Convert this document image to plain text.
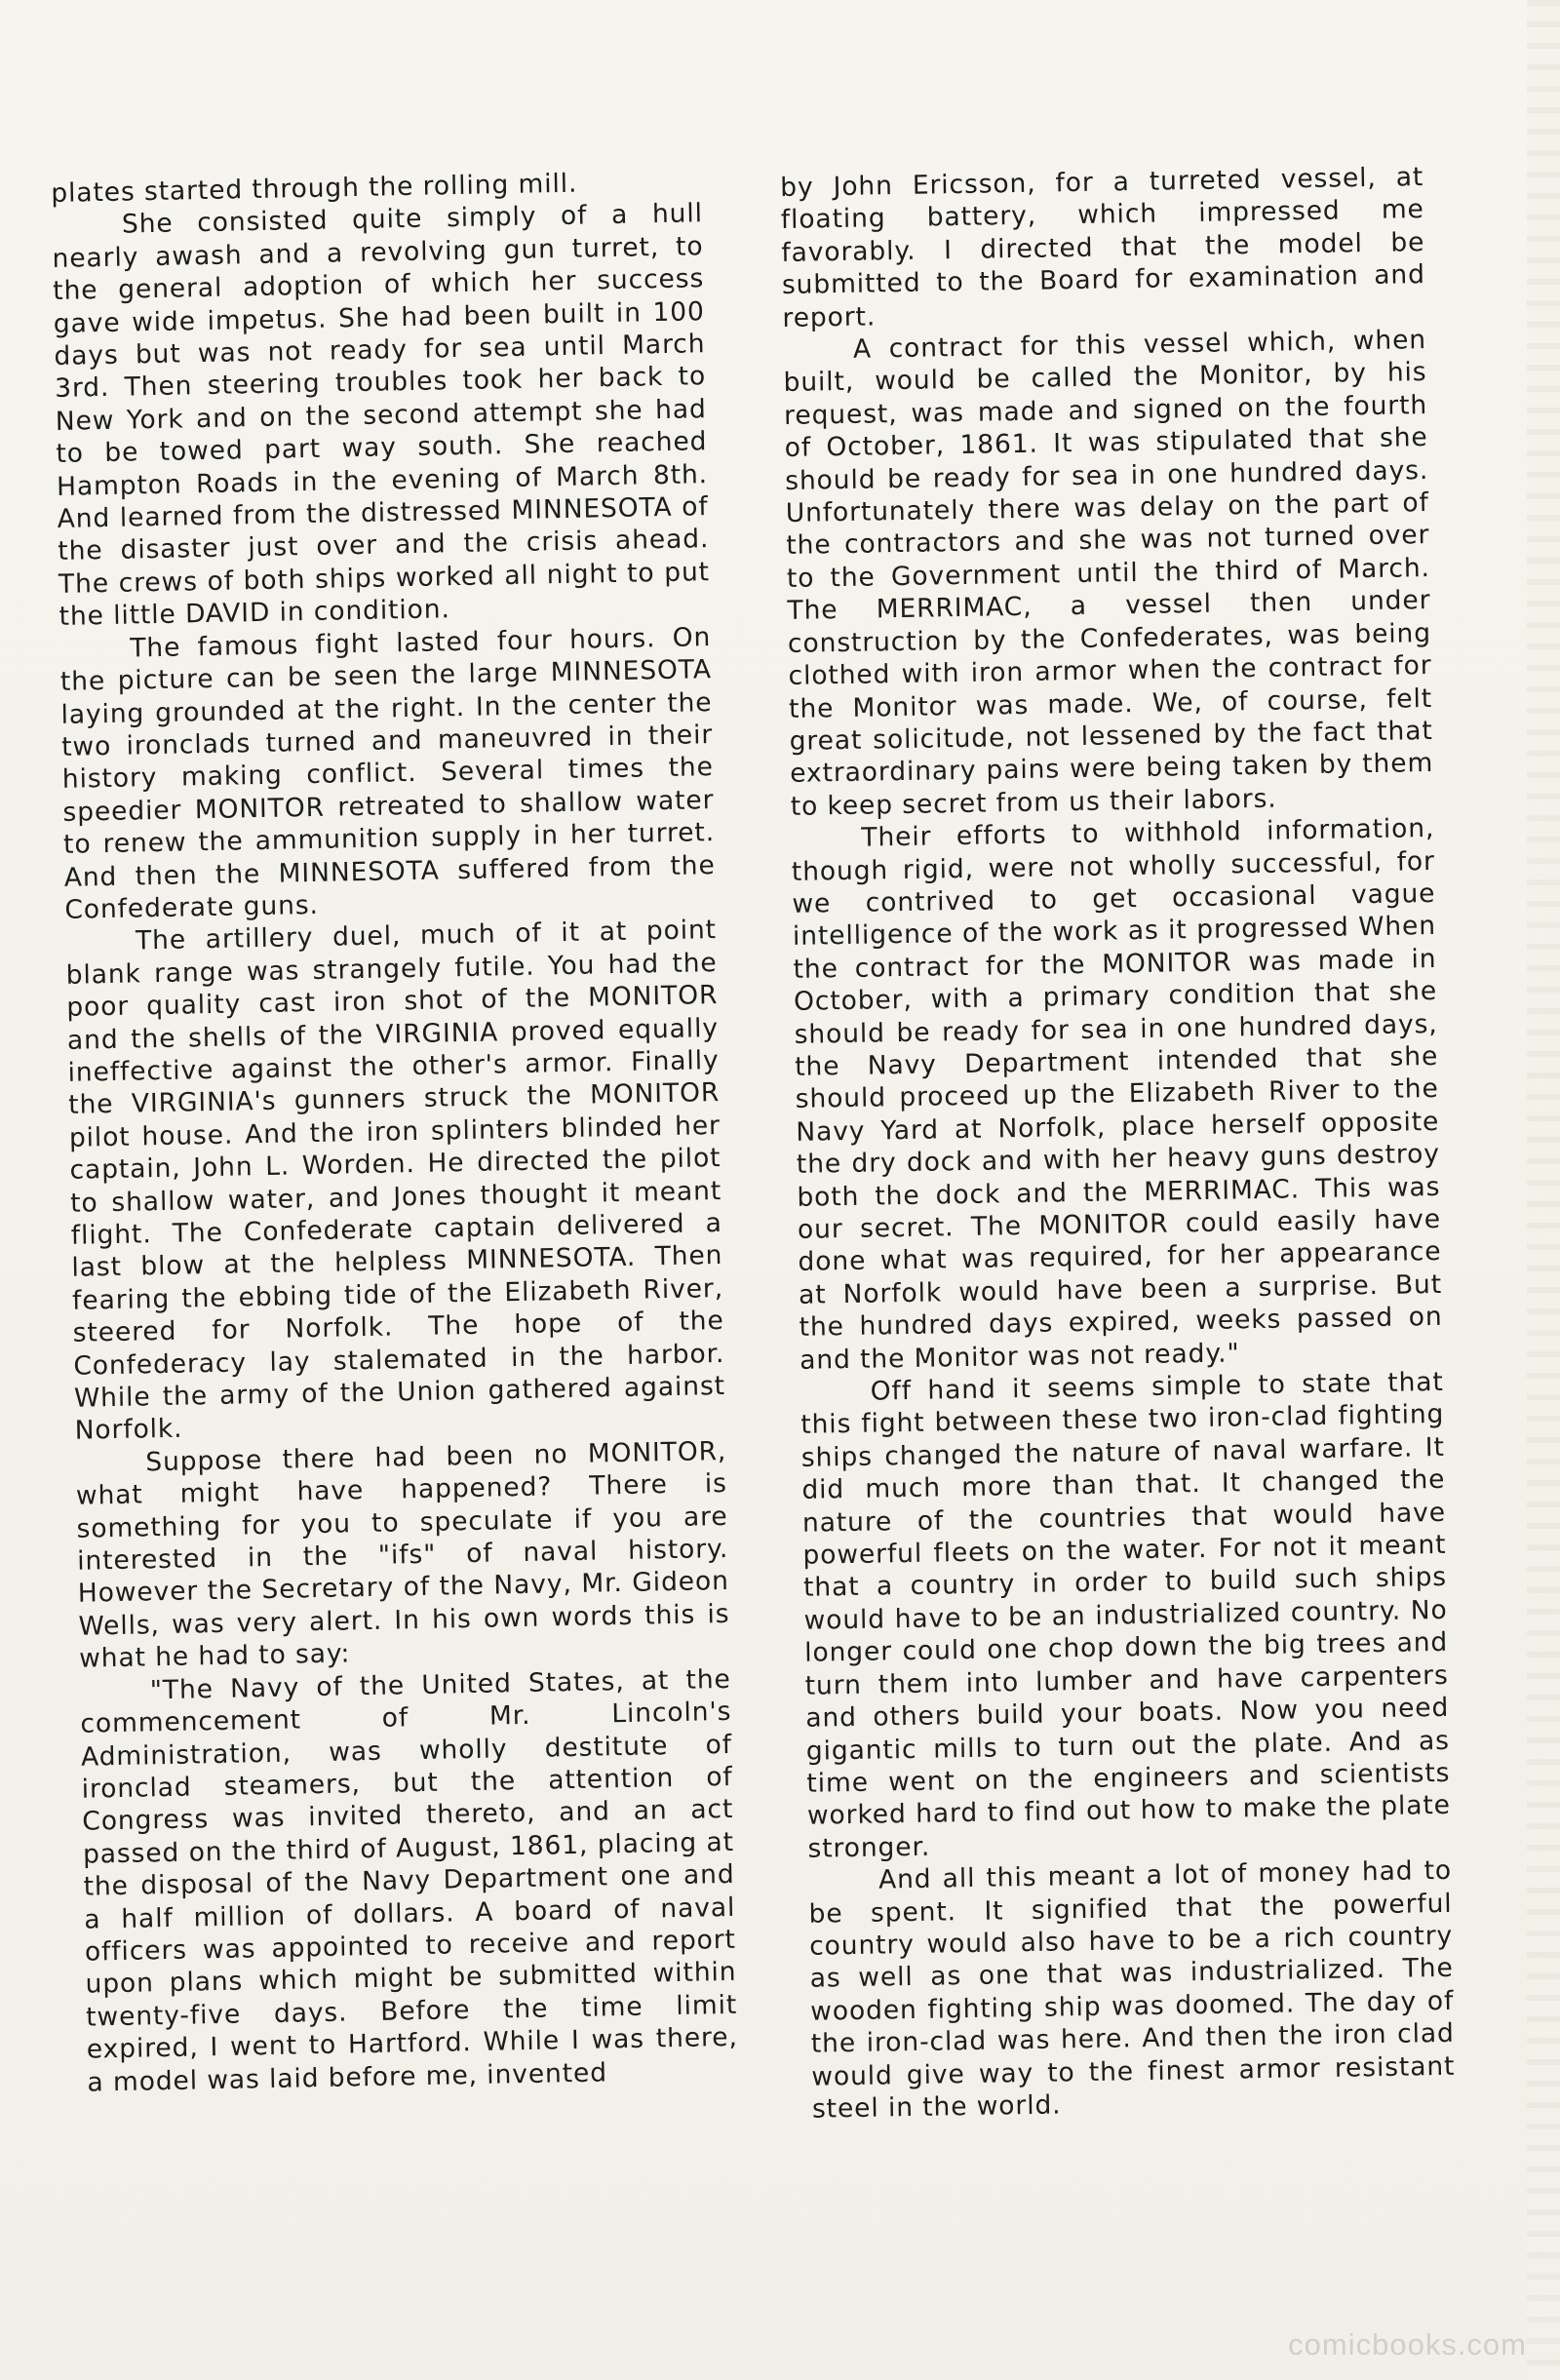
plates started through the rolling mill.

She consisted quite simply of a hull nearly awash and a revolving gun turret, to the general adoption of which her success gave wide impetus. She had been built in 100 days but was not ready for sea until March 3rd. Then steering troubles took her back to New York and on the second attempt she had to be towed part way south. She reached Hampton Roads in the evening of March 8th. And learned from the distressed MINNESOTA of the disaster just over and the crisis ahead. The crews of both ships worked all night to put the little DAVID in condition.

The famous fight lasted four hours. On the picture can be seen the large MINNESOTA laying grounded at the right. In the center the two ironclads turned and maneuvred in their history making conflict. Several times the speedier MONITOR retreated to shallow water to renew the ammunition supply in her turret. And then the MINNESOTA suffered from the Confederate guns.

The artillery duel, much of it at point blank range was strangely futile. You had the poor quality cast iron shot of the MONITOR and the shells of the VIRGINIA proved equally ineffective against the other's armor. Finally the VIRGINIA's gunners struck the MONITOR pilot house. And the iron splinters blinded her captain, John L. Worden. He directed the pilot to shallow water, and Jones thought it meant flight. The Confederate captain delivered a last blow at the helpless MINNESOTA. Then fearing the ebbing tide of the Elizabeth River, steered for Norfolk. The hope of the Confederacy lay stalemated in the harbor. While the army of the Union gathered against Norfolk.

Suppose there had been no MONITOR, what might have happened? There is something for you to speculate if you are interested in the "ifs" of naval history. However the Secretary of the Navy, Mr. Gideon Wells, was very alert. In his own words this is what he had to say:

"The Navy of the United States, at the commencement of Mr. Lincoln's Administration, was wholly destitute of ironclad steamers, but the attention of Congress was invited thereto, and an act passed on the third of August, 1861, placing at the disposal of the Navy Department one and a half million of dollars. A board of naval officers was appointed to receive and report upon plans which might be submitted within twenty-five days. Before the time limit expired, I went to Hartford. While I was there, a model was laid before me, invented

by John Ericsson, for a turreted vessel, at floating battery, which impressed me favorably. I directed that the model be submitted to the Board for examination and report.

A contract for this vessel which, when built, would be called the Monitor, by his request, was made and signed on the fourth of October, 1861. It was stipulated that she should be ready for sea in one hundred days. Unfortunately there was delay on the part of the contractors and she was not turned over to the Government until the third of March. The MERRIMAC, a vessel then under construction by the Confederates, was being clothed with iron armor when the contract for the Monitor was made. We, of course, felt great solicitude, not lessened by the fact that extraordinary pains were being taken by them to keep secret from us their labors.

Their efforts to withhold information, though rigid, were not wholly successful, for we contrived to get occasional vague intelligence of the work as it progressed When the contract for the MONITOR was made in October, with a primary condition that she should be ready for sea in one hundred days, the Navy Department intended that she should proceed up the Elizabeth River to the Navy Yard at Norfolk, place herself opposite the dry dock and with her heavy guns destroy both the dock and the MERRIMAC. This was our secret. The MONITOR could easily have done what was required, for her appearance at Norfolk would have been a surprise. But the hundred days expired, weeks passed on and the Monitor was not ready."

Off hand it seems simple to state that this fight between these two iron-clad fighting ships changed the nature of naval warfare. It did much more than that. It changed the nature of the countries that would have powerful fleets on the water. For not it meant that a country in order to build such ships would have to be an industrialized country. No longer could one chop down the big trees and turn them into lumber and have carpenters and others build your boats. Now you need gigantic mills to turn out the plate. And as time went on the engineers and scientists worked hard to find out how to make the plate stronger.

And all this meant a lot of money had to be spent. It signified that the powerful country would also have to be a rich country as well as one that was industrialized. The wooden fighting ship was doomed. The day of the iron-clad was here. And then the iron clad would give way to the finest armor resistant steel in the world.

comicbooks.com
